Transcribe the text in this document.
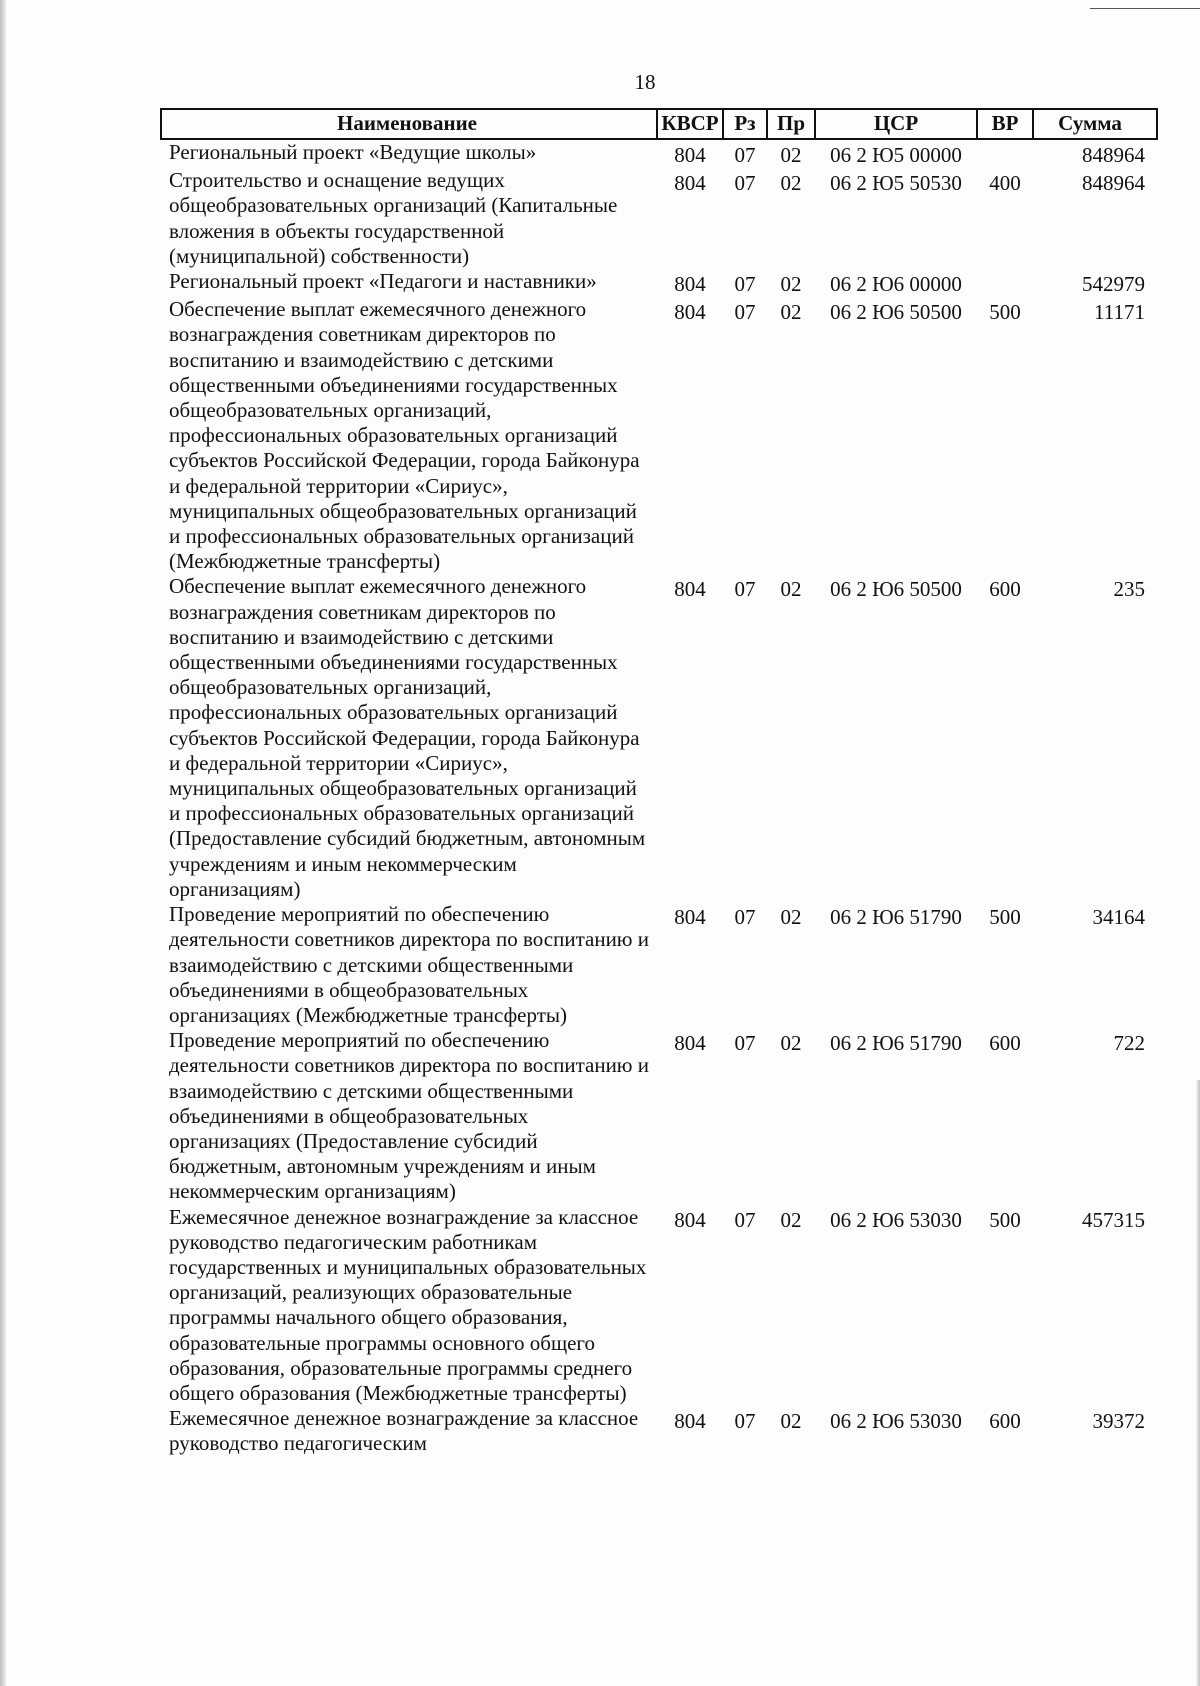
18
Наименование	КВСР	Рз	Пр	ЦСР	ВР	Сумма
Региональный проект «Ведущие школы»	804	07	02	06 2 Ю5 00000		848964
Строительство и оснащение ведущих общеобразовательных организаций (Капитальные вложения в объекты государственной (муниципальной) собственности)	804	07	02	06 2 Ю5 50530	400	848964
Региональный проект «Педагоги и наставники»	804	07	02	06 2 Ю6 00000		542979
Обеспечение выплат ежемесячного денежного вознаграждения советникам директоров по воспитанию и взаимодействию с детскими общественными объединениями государственных общеобразовательных организаций, профессиональных образовательных организаций субъектов Российской Федерации, города Байконура и федеральной территории «Сириус», муниципальных общеобразовательных организаций и профессиональных образовательных организаций (Межбюджетные трансферты)	804	07	02	06 2 Ю6 50500	500	11171
Обеспечение выплат ежемесячного денежного вознаграждения советникам директоров по воспитанию и взаимодействию с детскими общественными объединениями государственных общеобразовательных организаций, профессиональных образовательных организаций субъектов Российской Федерации, города Байконура и федеральной территории «Сириус», муниципальных общеобразовательных организаций и профессиональных образовательных организаций (Предоставление субсидий бюджетным, автономным учреждениям и иным некоммерческим организациям)	804	07	02	06 2 Ю6 50500	600	235
Проведение мероприятий по обеспечению деятельности советников директора по воспитанию и взаимодействию с детскими общественными объединениями в общеобразовательных организациях (Межбюджетные трансферты)	804	07	02	06 2 Ю6 51790	500	34164
Проведение мероприятий по обеспечению деятельности советников директора по воспитанию и взаимодействию с детскими общественными объединениями в общеобразовательных организациях (Предоставление субсидий бюджетным, автономным учреждениям и иным некоммерческим организациям)	804	07	02	06 2 Ю6 51790	600	722
Ежемесячное денежное вознаграждение за классное руководство педагогическим работникам государственных и муниципальных образовательных организаций, реализующих образовательные программы начального общего образования, образовательные программы основного общего образования, образовательные программы среднего общего образования (Межбюджетные трансферты)	804	07	02	06 2 Ю6 53030	500	457315
Ежемесячное денежное вознаграждение за классное руководство педагогическим	804	07	02	06 2 Ю6 53030	600	39372
